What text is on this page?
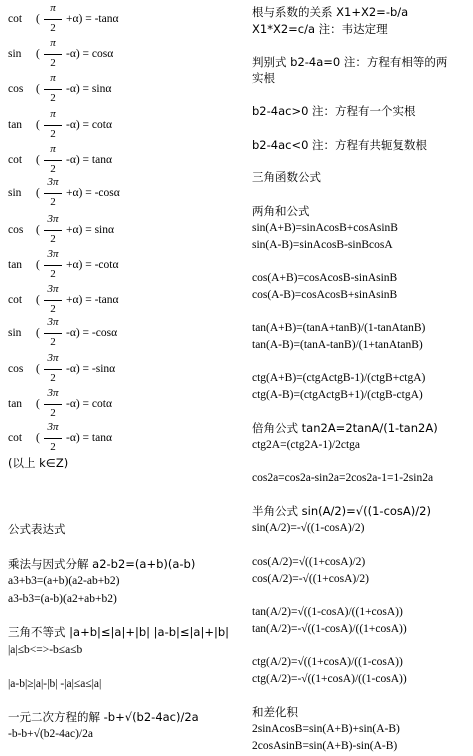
cot (
π
2
+α) = -tanα
sin (
π
2
-α) = cosα
cos (
π
2
-α) = sinα
tan (
π
2
-α) = cotα
cot (
π
2
-α) = tanα
sin (
3π
2
+α) = -cosα
cos (
3π
2
+α) = sinα
tan (
3π
2
+α) = -cotα
cot (
3π
2
+α) = -tanα
sin (
3π
2
-α) = -cosα
cos (
3π
2
-α) = -sinα
tan (
3π
2
-α) = cotα
cot (
3π
2
-α) = tanα
(以上 k∈Z)
公式表达式
乘法与因式分解 a2-b2=(a+b)(a-b)
a3+b3=(a+b)(a2-ab+b2)
a3-b3=(a-b)(a2+ab+b2)
三角不等式 |a+b|≤|a|+|b| |a-b|≤|a|+|b|
|a|≤b<=>-b≤a≤b
|a-b|≥|a|-|b| -|a|≤a≤|a|
一元二次方程的解 -b+√(b2-4ac)/2a
-b-b+√(b2-4ac)/2a
根与系数的关系 X1+X2=-b/a
X1*X2=c/a 注：韦达定理
判别式 b2-4a=0 注：方程有相等的两
实根
b2-4ac>0 注：方程有一个实根
b2-4ac<0 注：方程有共轭复数根
三角函数公式
两角和公式
sin(A+B)=sinAcosB+cosAsinB
sin(A-B)=sinAcosB-sinBcosA
cos(A+B)=cosAcosB-sinAsinB
cos(A-B)=cosAcosB+sinAsinB
tan(A+B)=(tanA+tanB)/(1-tanAtanB)
tan(A-B)=(tanA-tanB)/(1+tanAtanB)
ctg(A+B)=(ctgActgB-1)/(ctgB+ctgA)
ctg(A-B)=(ctgActgB+1)/(ctgB-ctgA)
倍角公式 tan2A=2tanA/(1-tan2A)
ctg2A=(ctg2A-1)/2ctga
cos2a=cos2a-sin2a=2cos2a-1=1-2sin2a
半角公式 sin(A/2)=√((1-cosA)/2)
sin(A/2)=-√((1-cosA)/2)
cos(A/2)=√((1+cosA)/2)
cos(A/2)=-√((1+cosA)/2)
tan(A/2)=√((1-cosA)/((1+cosA))
tan(A/2)=-√((1-cosA)/((1+cosA))
ctg(A/2)=√((1+cosA)/((1-cosA))
ctg(A/2)=-√((1+cosA)/((1-cosA))
和差化积
2sinAcosB=sin(A+B)+sin(A-B)
2cosAsinB=sin(A+B)-sin(A-B)
